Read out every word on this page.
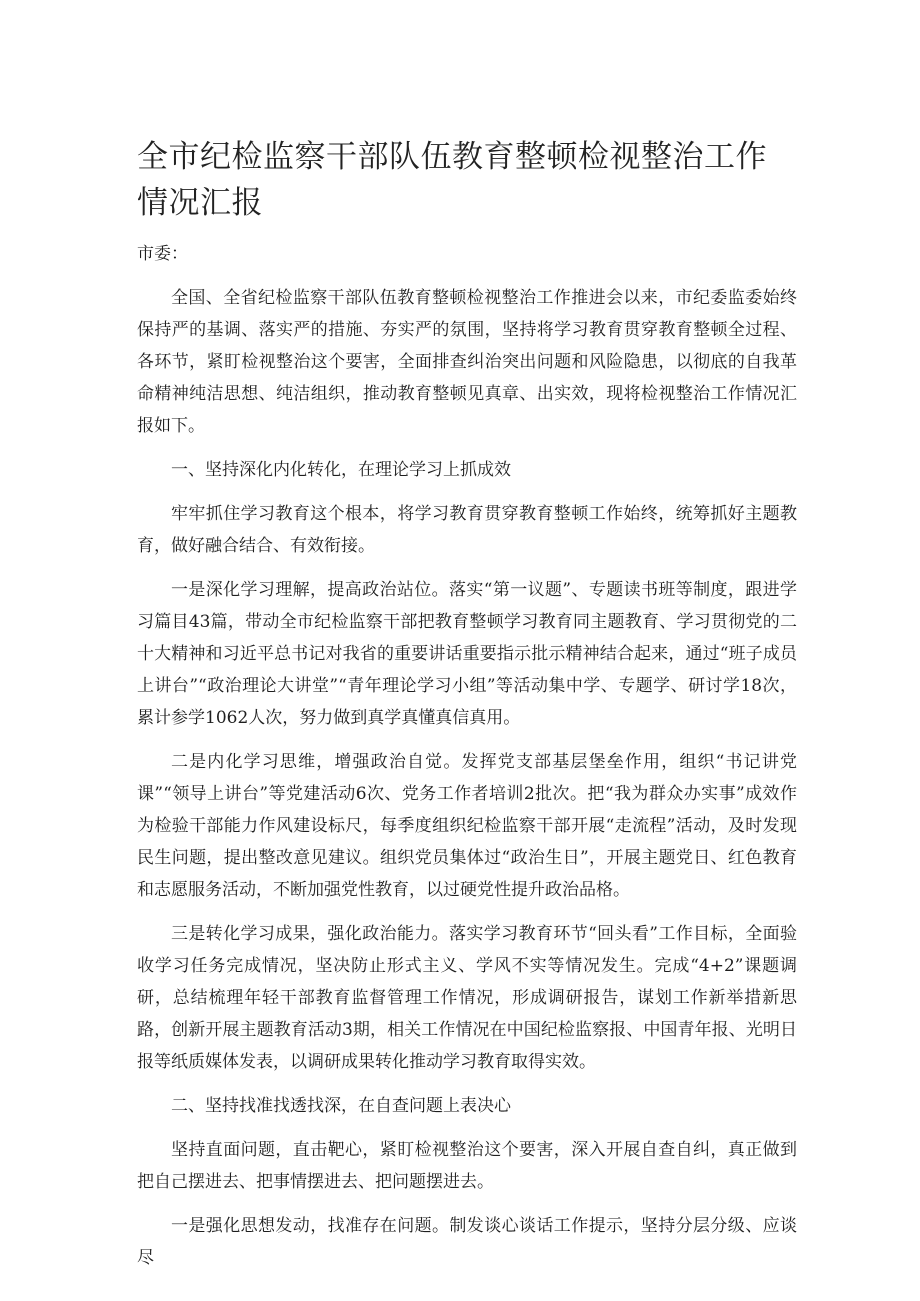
全市纪检监察干部队伍教育整顿检视整治工作情况汇报
市委：

全国、全省纪检监察干部队伍教育整顿检视整治工作推进会以来，市纪委监委始终保持严的基调、落实严的措施、夯实严的氛围，坚持将学习教育贯穿教育整顿全过程、各环节，紧盯检视整治这个要害，全面排查纠治突出问题和风险隐患，以彻底的自我革命精神纯洁思想、纯洁组织，推动教育整顿见真章、出实效，现将检视整治工作情况汇报如下。

一、坚持深化内化转化，在理论学习上抓成效

牢牢抓住学习教育这个根本，将学习教育贯穿教育整顿工作始终，统筹抓好主题教育，做好融合结合、有效衔接。

一是深化学习理解，提高政治站位。落实“第一议题”、专题读书班等制度，跟进学习篇目43篇，带动全市纪检监察干部把教育整顿学习教育同主题教育、学习贯彻党的二十大精神和习近平总书记对我省的重要讲话重要指示批示精神结合起来，通过“班子成员上讲台”“政治理论大讲堂”“青年理论学习小组”等活动集中学、专题学、研讨学18次，累计参学1062人次，努力做到真学真懂真信真用。

二是内化学习思维，增强政治自觉。发挥党支部基层堡垒作用，组织“书记讲党课”“领导上讲台”等党建活动6次、党务工作者培训2批次。把“我为群众办实事”成效作为检验干部能力作风建设标尺，每季度组织纪检监察干部开展“走流程”活动，及时发现民生问题，提出整改意见建议。组织党员集体过“政治生日”，开展主题党日、红色教育和志愿服务活动，不断加强党性教育，以过硬党性提升政治品格。

三是转化学习成果，强化政治能力。落实学习教育环节“回头看”工作目标，全面验收学习任务完成情况，坚决防止形式主义、学风不实等情况发生。完成“4+2”课题调研，总结梳理年轻干部教育监督管理工作情况，形成调研报告，谋划工作新举措新思路，创新开展主题教育活动3期，相关工作情况在中国纪检监察报、中国青年报、光明日报等纸质媒体发表，以调研成果转化推动学习教育取得实效。

二、坚持找准找透找深，在自查问题上表决心

坚持直面问题，直击靶心，紧盯检视整治这个要害，深入开展自查自纠，真正做到把自己摆进去、把事情摆进去、把问题摆进去。

一是强化思想发动，找准存在问题。制发谈心谈话工作提示，坚持分层分级、应谈尽
